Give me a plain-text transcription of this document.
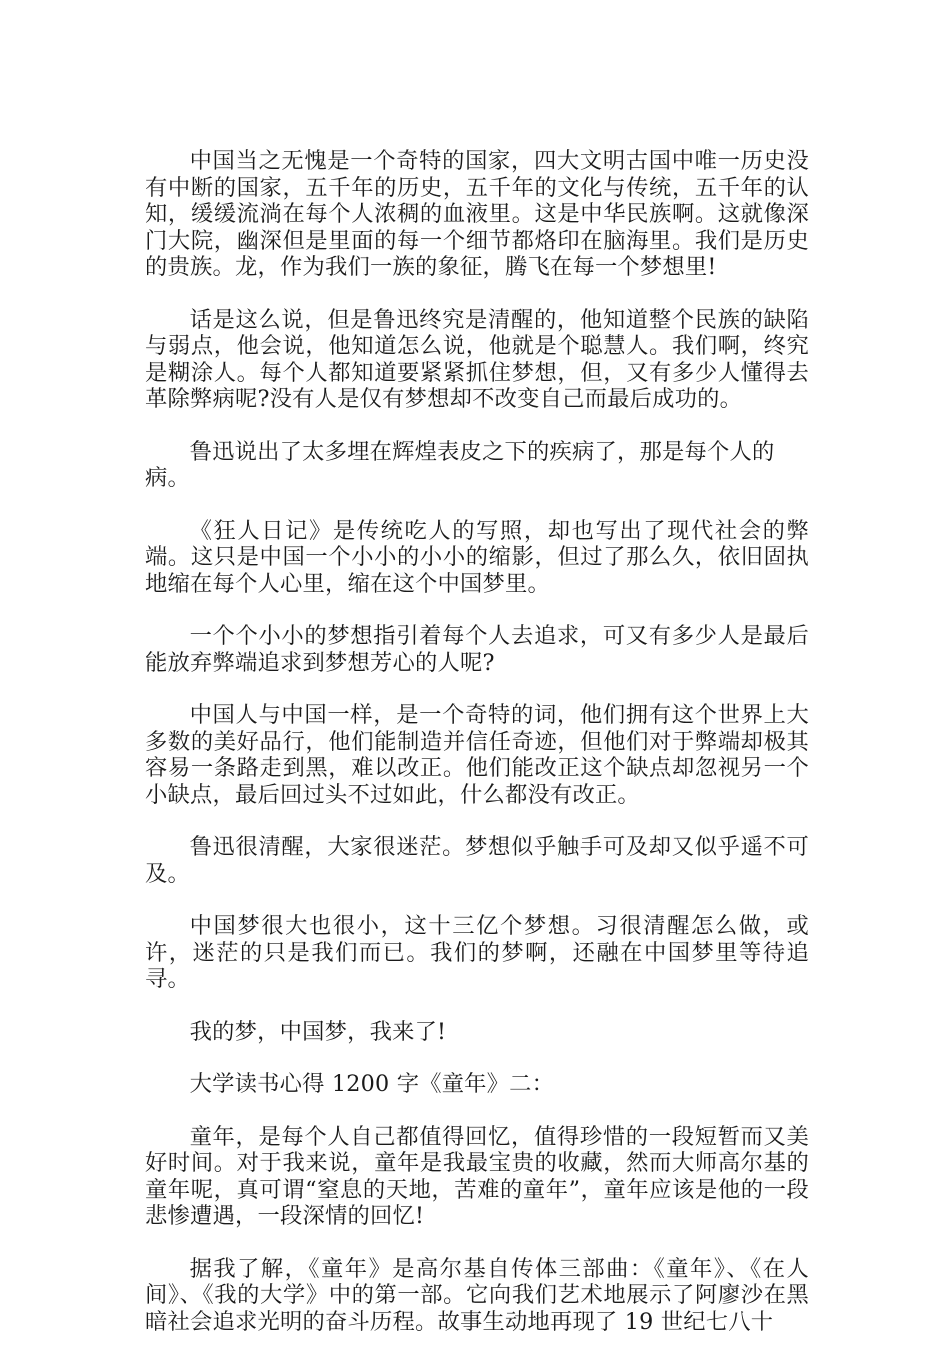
中国当之无愧是一个奇特的国家，四大文明古国中唯一历史没有中断的国家，五千年的历史，五千年的文化与传统，五千年的认知，缓缓流淌在每个人浓稠的血液里。这是中华民族啊。这就像深门大院，幽深但是里面的每一个细节都烙印在脑海里。我们是历史的贵族。龙，作为我们一族的象征，腾飞在每一个梦想里!

话是这么说，但是鲁迅终究是清醒的，他知道整个民族的缺陷与弱点，他会说，他知道怎么说，他就是个聪慧人。我们啊，终究是糊涂人。每个人都知道要紧紧抓住梦想，但，又有多少人懂得去革除弊病呢?没有人是仅有梦想却不改变自己而最后成功的。

鲁迅说出了太多埋在辉煌表皮之下的疾病了，那是每个人的病。

《狂人日记》是传统吃人的写照，却也写出了现代社会的弊端。这只是中国一个小小的小小的缩影，但过了那么久，依旧固执地缩在每个人心里，缩在这个中国梦里。

一个个小小的梦想指引着每个人去追求，可又有多少人是最后能放弃弊端追求到梦想芳心的人呢?

中国人与中国一样，是一个奇特的词，他们拥有这个世界上大多数的美好品行，他们能制造并信任奇迹，但他们对于弊端却极其容易一条路走到黑，难以改正。他们能改正这个缺点却忽视另一个小缺点，最后回过头不过如此，什么都没有改正。

鲁迅很清醒，大家很迷茫。梦想似乎触手可及却又似乎遥不可及。

中国梦很大也很小，这十三亿个梦想。习很清醒怎么做，或许，迷茫的只是我们而已。我们的梦啊，还融在中国梦里等待追寻。

我的梦，中国梦，我来了!

大学读书心得 1200 字《童年》二：

童年，是每个人自己都值得回忆，值得珍惜的一段短暂而又美好时间。对于我来说，童年是我最宝贵的收藏，然而大师高尔基的童年呢，真可谓“窒息的天地，苦难的童年”，童年应该是他的一段悲惨遭遇，一段深情的回忆!

据我了解，《童年》是高尔基自传体三部曲：《童年》、《在人间》、《我的大学》中的第一部。它向我们艺术地展示了阿廖沙在黑暗社会追求光明的奋斗历程。故事生动地再现了 19 世纪七八十
